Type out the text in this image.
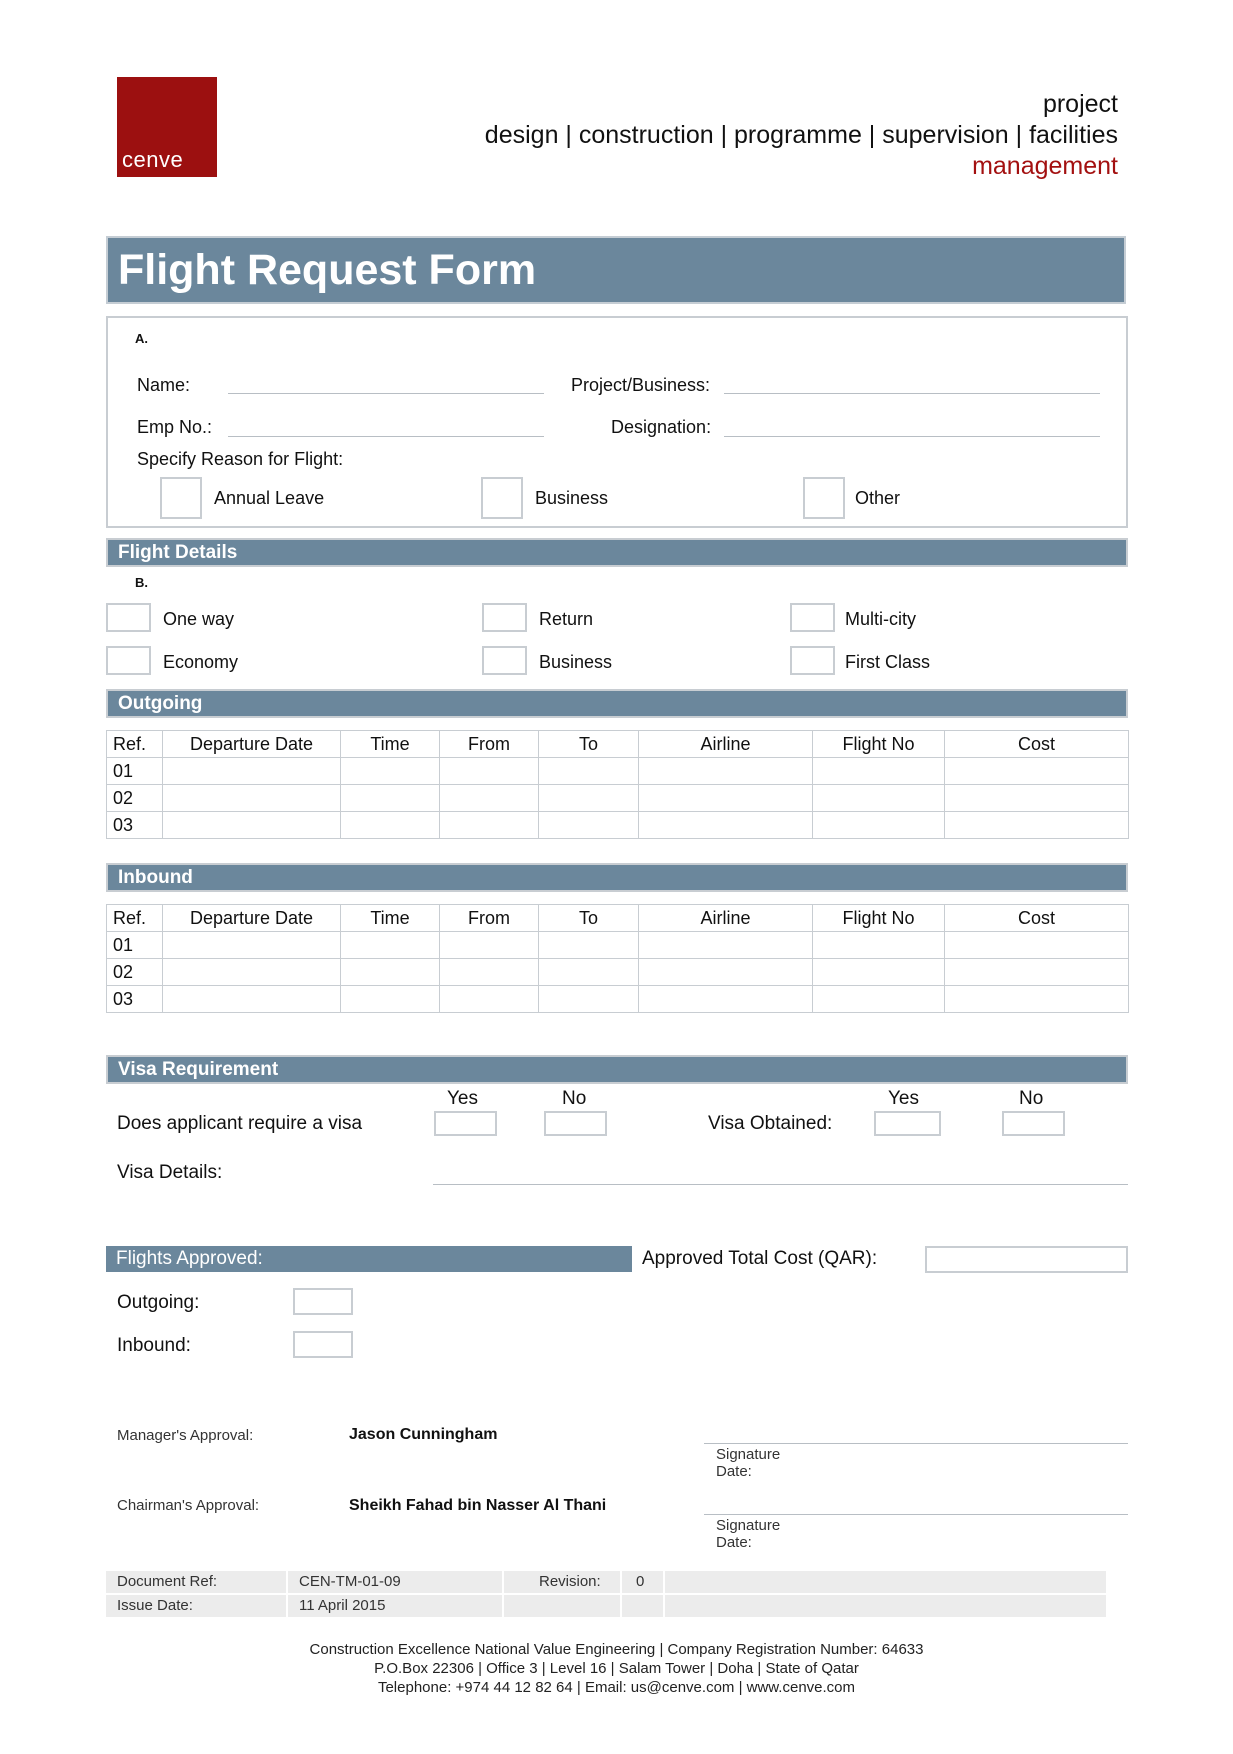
cenve
project
design | construction | programme | supervision | facilities
management
Flight Request Form
A.
Name:	Project/Business:
Emp No.:	Designation:
Specify Reason for Flight:
Annual Leave	Business	Other
Flight Details
B.
One way	Return	Multi-city
Economy	Business	First Class
Outgoing
Ref.	Departure Date	Time	From	To	Airline	Flight No	Cost
01							
02							
03							
Inbound
Ref.	Departure Date	Time	From	To	Airline	Flight No	Cost
01							
02							
03							
Visa Requirement
Yes	No
Does applicant require a visa
Yes	No
Visa Obtained:
Visa Details:
Flights Approved:	Approved Total Cost (QAR):
Outgoing:
Inbound:
Manager's Approval:	Jason Cunningham
Signature
Date:
Chairman's Approval:	Sheikh Fahad bin Nasser Al Thani
Signature
Date:
Document Ref:	CEN-TM-01-09	Revision: 0
Issue Date:	11 April 2015
Construction Excellence National Value Engineering | Company Registration Number: 64633
P.O.Box 22306 | Office 3 | Level 16 | Salam Tower | Doha | State of Qatar
Telephone: +974 44 12 82 64 | Email: us@cenve.com | www.cenve.com
